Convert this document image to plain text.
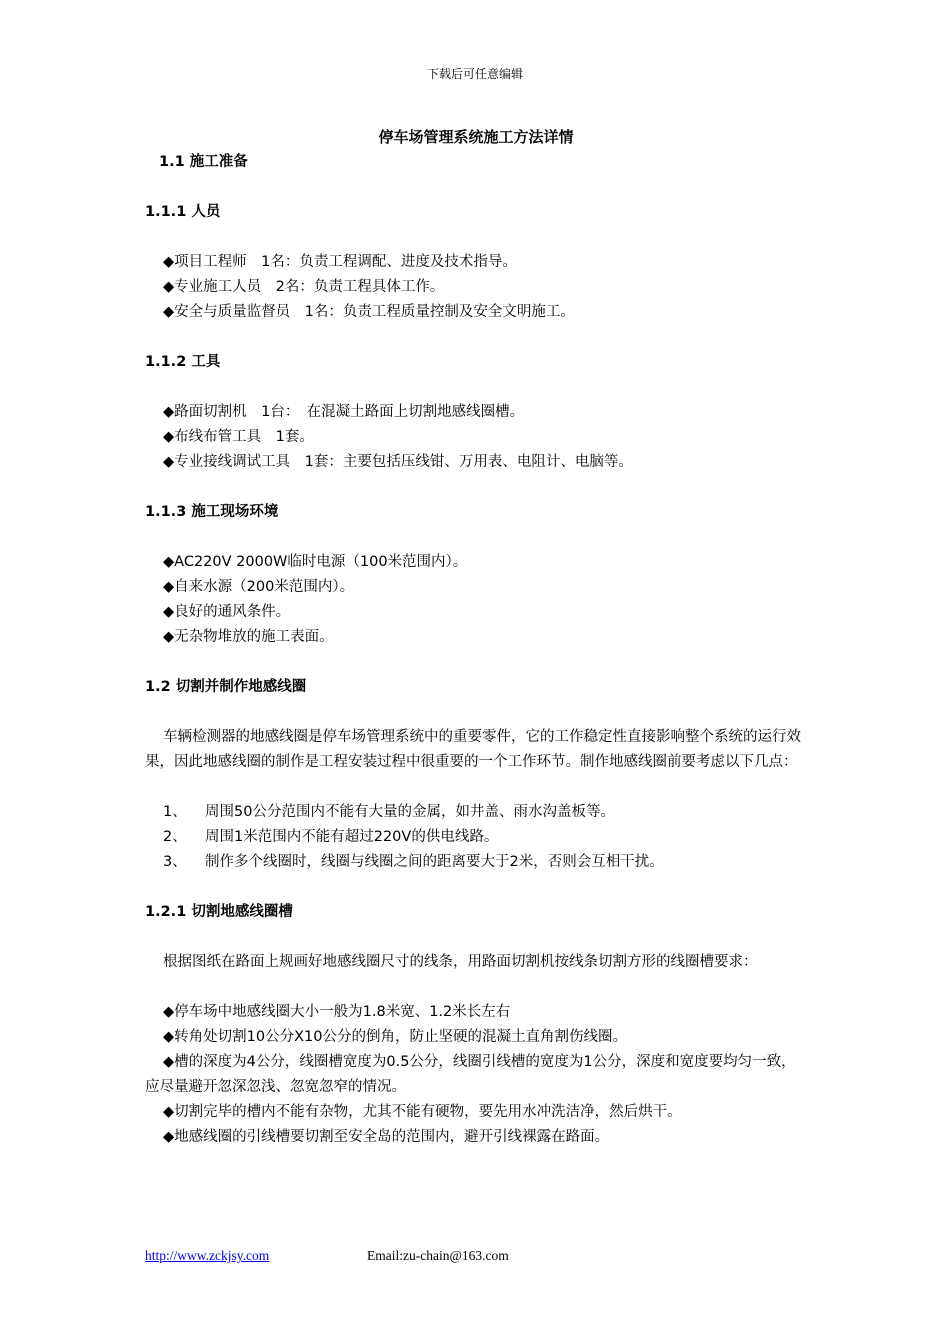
下载后可任意编辑
停车场管理系统施工方法详情

1.1 施工准备

1.1.1 人员

◆项目工程师　1名：负责工程调配、进度及技术指导。

◆专业施工人员　2名：负责工程具体工作。

◆安全与质量监督员　1名：负责工程质量控制及安全文明施工。

1.1.2 工具

◆路面切割机　1台：　在混凝土路面上切割地感线圈槽。

◆布线布管工具　1套。

◆专业接线调试工具　1套：主要包括压线钳、万用表、电阻计、电脑等。

1.1.3 施工现场环境

◆AC220V 2000W临时电源（100米范围内）。

◆自来水源（200米范围内）。

◆良好的通风条件。

◆无杂物堆放的施工表面。

1.2 切割并制作地感线圈

车辆检测器的地感线圈是停车场管理系统中的重要零件，它的工作稳定性直接影响整个系统的运行效果，因此地感线圈的制作是工程安装过程中很重要的一个工作环节。制作地感线圈前要考虑以下几点：

1、	周围50公分范围内不能有大量的金属，如井盖、雨水沟盖板等。
2、	周围1米范围内不能有超过220V的供电线路。
3、	制作多个线圈时，线圈与线圈之间的距离要大于2米，否则会互相干扰。

1.2.1 切割地感线圈槽

根据图纸在路面上规画好地感线圈尺寸的线条，用路面切割机按线条切割方形的线圈槽要求：

◆停车场中地感线圈大小一般为1.8米宽、1.2米长左右

◆转角处切割10公分X10公分的倒角，防止坚硬的混凝土直角割伤线圈。

◆槽的深度为4公分，线圈槽宽度为0.5公分，线圈引线槽的宽度为1公分，深度和宽度要均匀一致，应尽量避开忽深忽浅、忽宽忽窄的情况。

◆切割完毕的槽内不能有杂物，尤其不能有硬物，要先用水冲洗洁净，然后烘干。

◆地感线圈的引线槽要切割至安全岛的范围内，避开引线裸露在路面。

http://www.zckjsy.com	Email:zu-chain@163.com
